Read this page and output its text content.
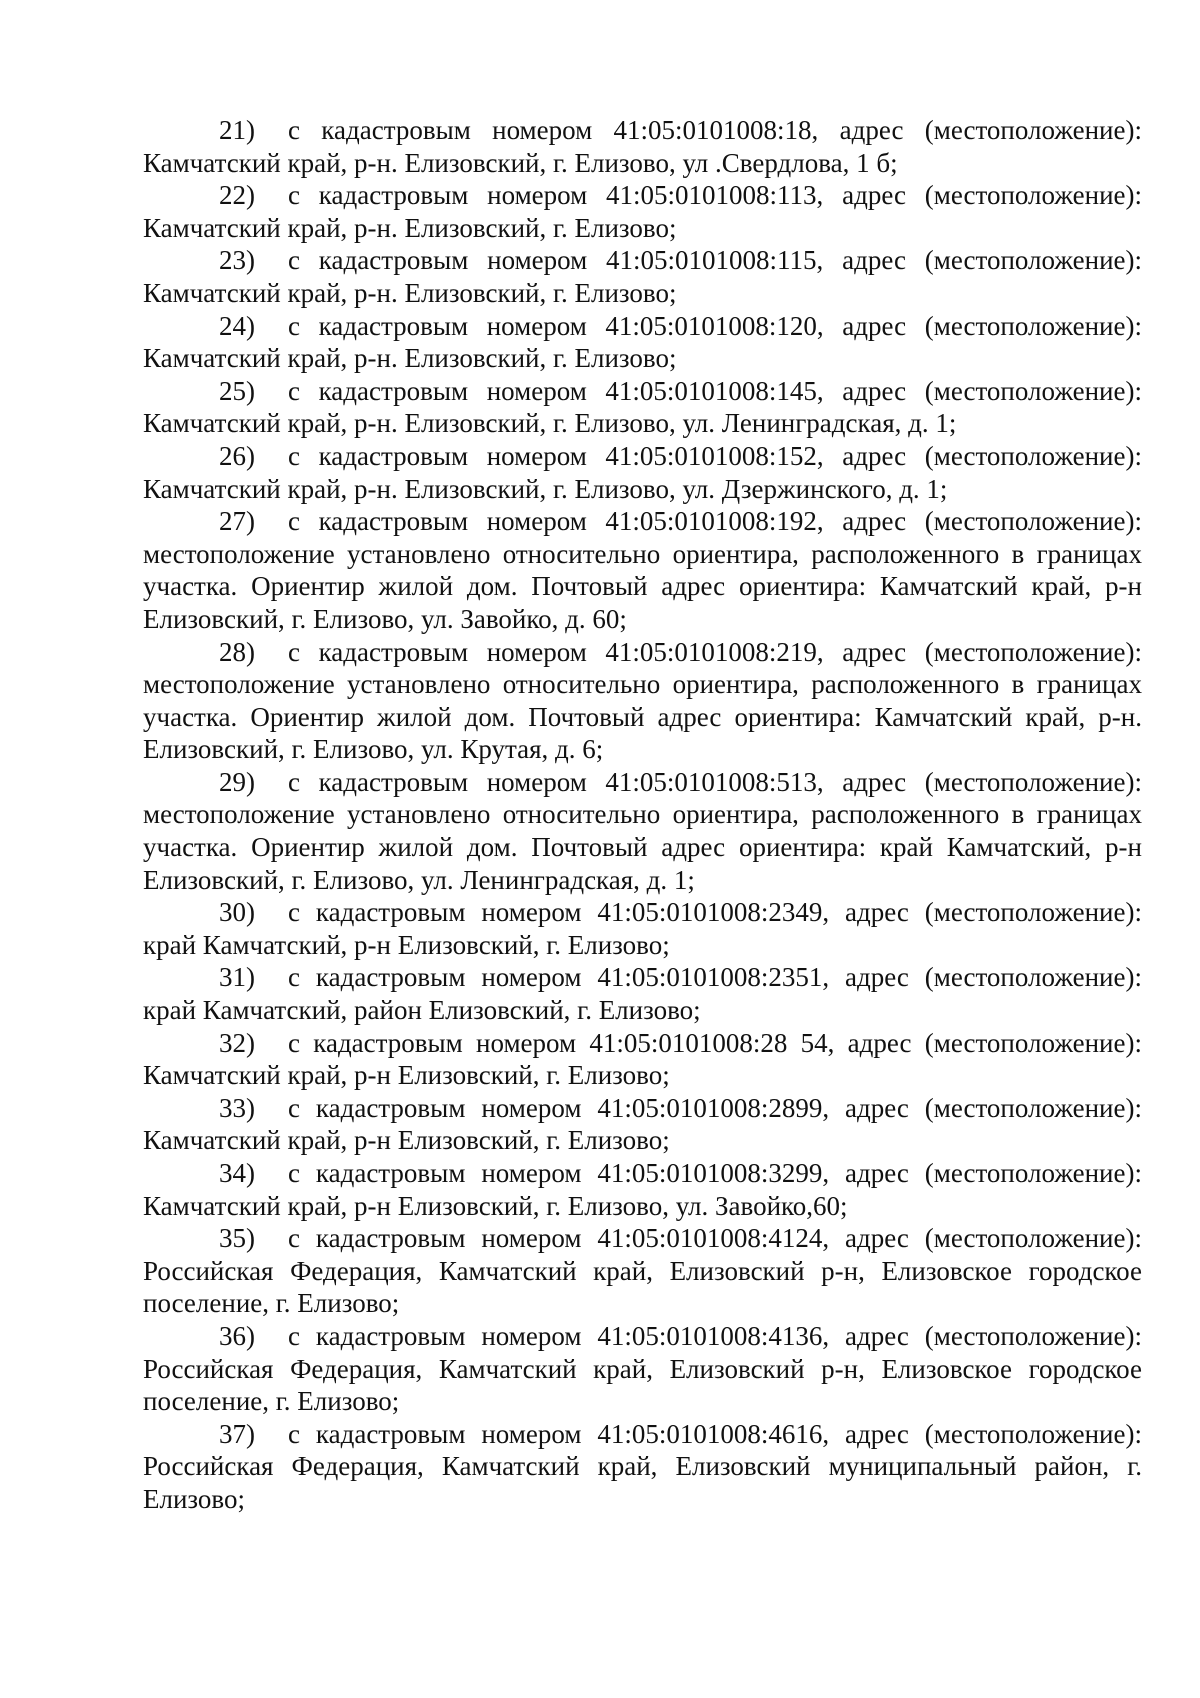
21) с кадастровым номером 41:05:0101008:18, адрес (местоположение): Камчатский край, р-н. Елизовский, г. Елизово, ул .Свердлова, 1 б;

22) с кадастровым номером 41:05:0101008:113, адрес (местоположение): Камчатский край, р-н. Елизовский, г. Елизово;

23) с кадастровым номером 41:05:0101008:115, адрес (местоположение): Камчатский край, р-н. Елизовский, г. Елизово;

24) с кадастровым номером 41:05:0101008:120, адрес (местоположение): Камчатский край, р-н. Елизовский, г. Елизово;

25) с кадастровым номером 41:05:0101008:145, адрес (местоположение): Камчатский край, р-н. Елизовский, г. Елизово, ул. Ленинградская, д. 1;

26) с кадастровым номером 41:05:0101008:152, адрес (местоположение): Камчатский край, р-н. Елизовский, г. Елизово, ул. Дзержинского, д. 1;

27) с кадастровым номером 41:05:0101008:192, адрес (местоположение): местоположение установлено относительно ориентира, расположенного в границах участка. Ориентир жилой дом. Почтовый адрес ориентира: Камчатский край, р-н Елизовский, г. Елизово, ул. Завойко, д. 60;

28) с кадастровым номером 41:05:0101008:219, адрес (местоположение): местоположение установлено относительно ориентира, расположенного в границах участка. Ориентир жилой дом. Почтовый адрес ориентира: Камчатский край, р-н. Елизовский, г. Елизово, ул. Крутая, д. 6;

29) с кадастровым номером 41:05:0101008:513, адрес (местоположение): местоположение установлено относительно ориентира, расположенного в границах участка. Ориентир жилой дом. Почтовый адрес ориентира: край Камчатский, р-н Елизовский, г. Елизово, ул. Ленинградская, д. 1;

30) с кадастровым номером 41:05:0101008:2349, адрес (местоположение): край Камчатский, р-н Елизовский, г. Елизово;

31) с кадастровым номером 41:05:0101008:2351, адрес (местоположение): край Камчатский, район Елизовский, г. Елизово;

32) с кадастровым номером 41:05:0101008:28 54, адрес (местоположение): Камчатский край, р-н Елизовский, г. Елизово;

33) с кадастровым номером 41:05:0101008:2899, адрес (местоположение): Камчатский край, р-н Елизовский, г. Елизово;

34) с кадастровым номером 41:05:0101008:3299, адрес (местоположение): Камчатский край, р-н Елизовский, г. Елизово, ул. Завойко,60;

35) с кадастровым номером 41:05:0101008:4124, адрес (местоположение): Российская Федерация, Камчатский край, Елизовский р-н, Елизовское городское поселение, г. Елизово;

36) с кадастровым номером 41:05:0101008:4136, адрес (местоположение): Российская Федерация, Камчатский край, Елизовский р-н, Елизовское городское поселение, г. Елизово;

37) с кадастровым номером 41:05:0101008:4616, адрес (местоположение): Российская Федерация, Камчатский край, Елизовский муниципальный район, г. Елизово;
